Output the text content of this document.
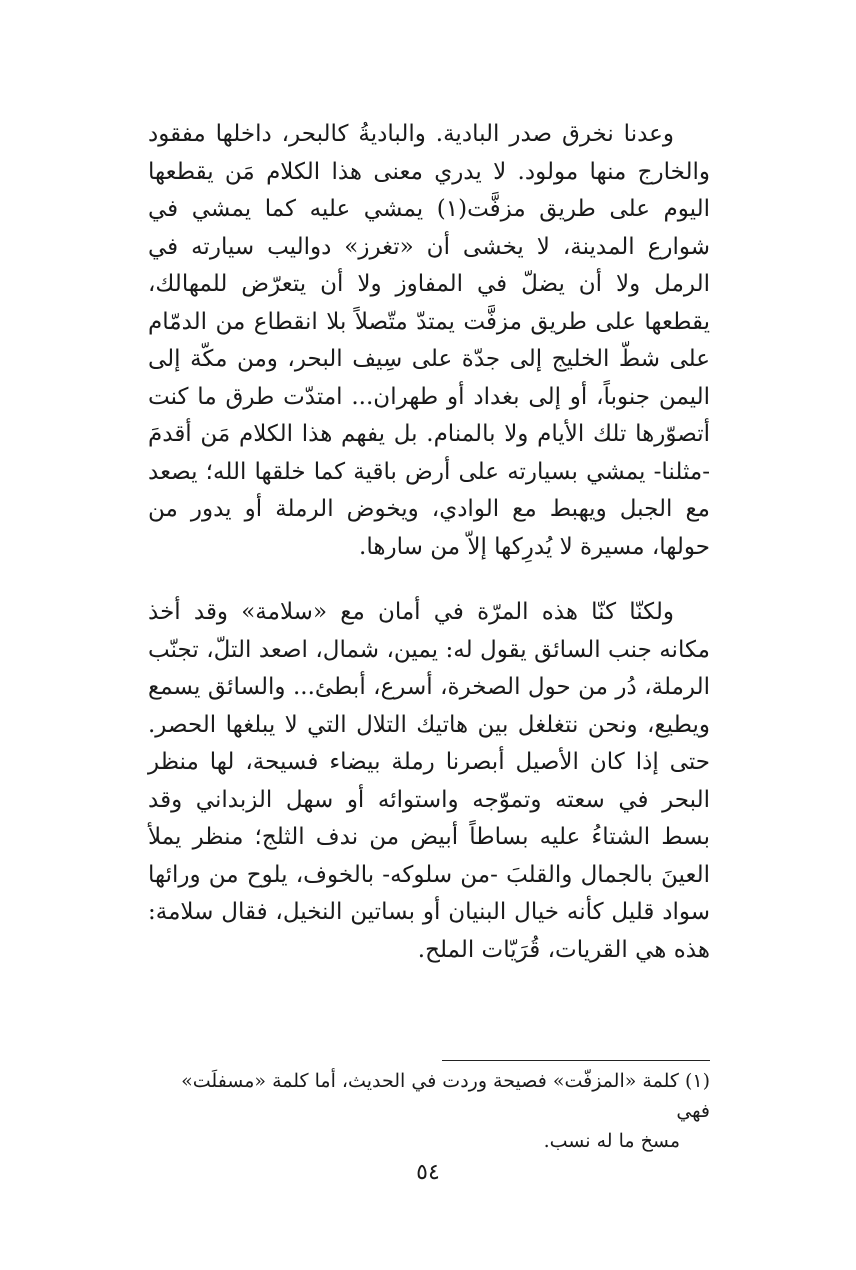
وعدنا نخرق صدر البادية. والباديةُ كالبحر، داخلها مفقود والخارج منها مولود. لا يدري معنى هذا الكلام مَن يقطعها اليوم على طريق مزفَّت(١) يمشي عليه كما يمشي في شوارع المدينة، لا يخشى أن «تغرز» دواليب سيارته في الرمل ولا أن يضلّ في المفاوز ولا أن يتعرّض للمهالك، يقطعها على طريق مزفَّت يمتدّ متّصلاً بلا انقطاع من الدمّام على شطّ الخليج إلى جدّة على سِيف البحر، ومن مكّة إلى اليمن جنوباً، أو إلى بغداد أو طهران... امتدّت طرق ما كنت أتصوّرها تلك الأيام ولا بالمنام. بل يفهم هذا الكلام مَن أقدمَ -مثلنا- يمشي بسيارته على أرض باقية كما خلقها الله؛ يصعد مع الجبل ويهبط مع الوادي، ويخوض الرملة أو يدور من حولها، مسيرة لا يُدرِكها إلاّ من سارها.

ولكنّا كنّا هذه المرّة في أمان مع «سلامة» وقد أخذ مكانه جنب السائق يقول له: يمين، شمال، اصعد التلّ، تجنّب الرملة، دُر من حول الصخرة، أسرع، أبطئ... والسائق يسمع ويطيع، ونحن نتغلغل بين هاتيك التلال التي لا يبلغها الحصر. حتى إذا كان الأصيل أبصرنا رملة بيضاء فسيحة، لها منظر البحر في سعته وتموّجه واستوائه أو سهل الزبداني وقد بسط الشتاءُ عليه بساطاً أبيض من ندف الثلج؛ منظر يملأ العينَ بالجمال والقلبَ -من سلوكه- بالخوف، يلوح من ورائها سواد قليل كأنه خيال البنيان أو بساتين النخيل، فقال سلامة: هذه هي القريات، قُرَيّات الملح.

(١) كلمة «المزفّت» فصيحة وردت في الحديث، أما كلمة «مسفلَت» فهي
مسخ ما له نسب.
٥٤
